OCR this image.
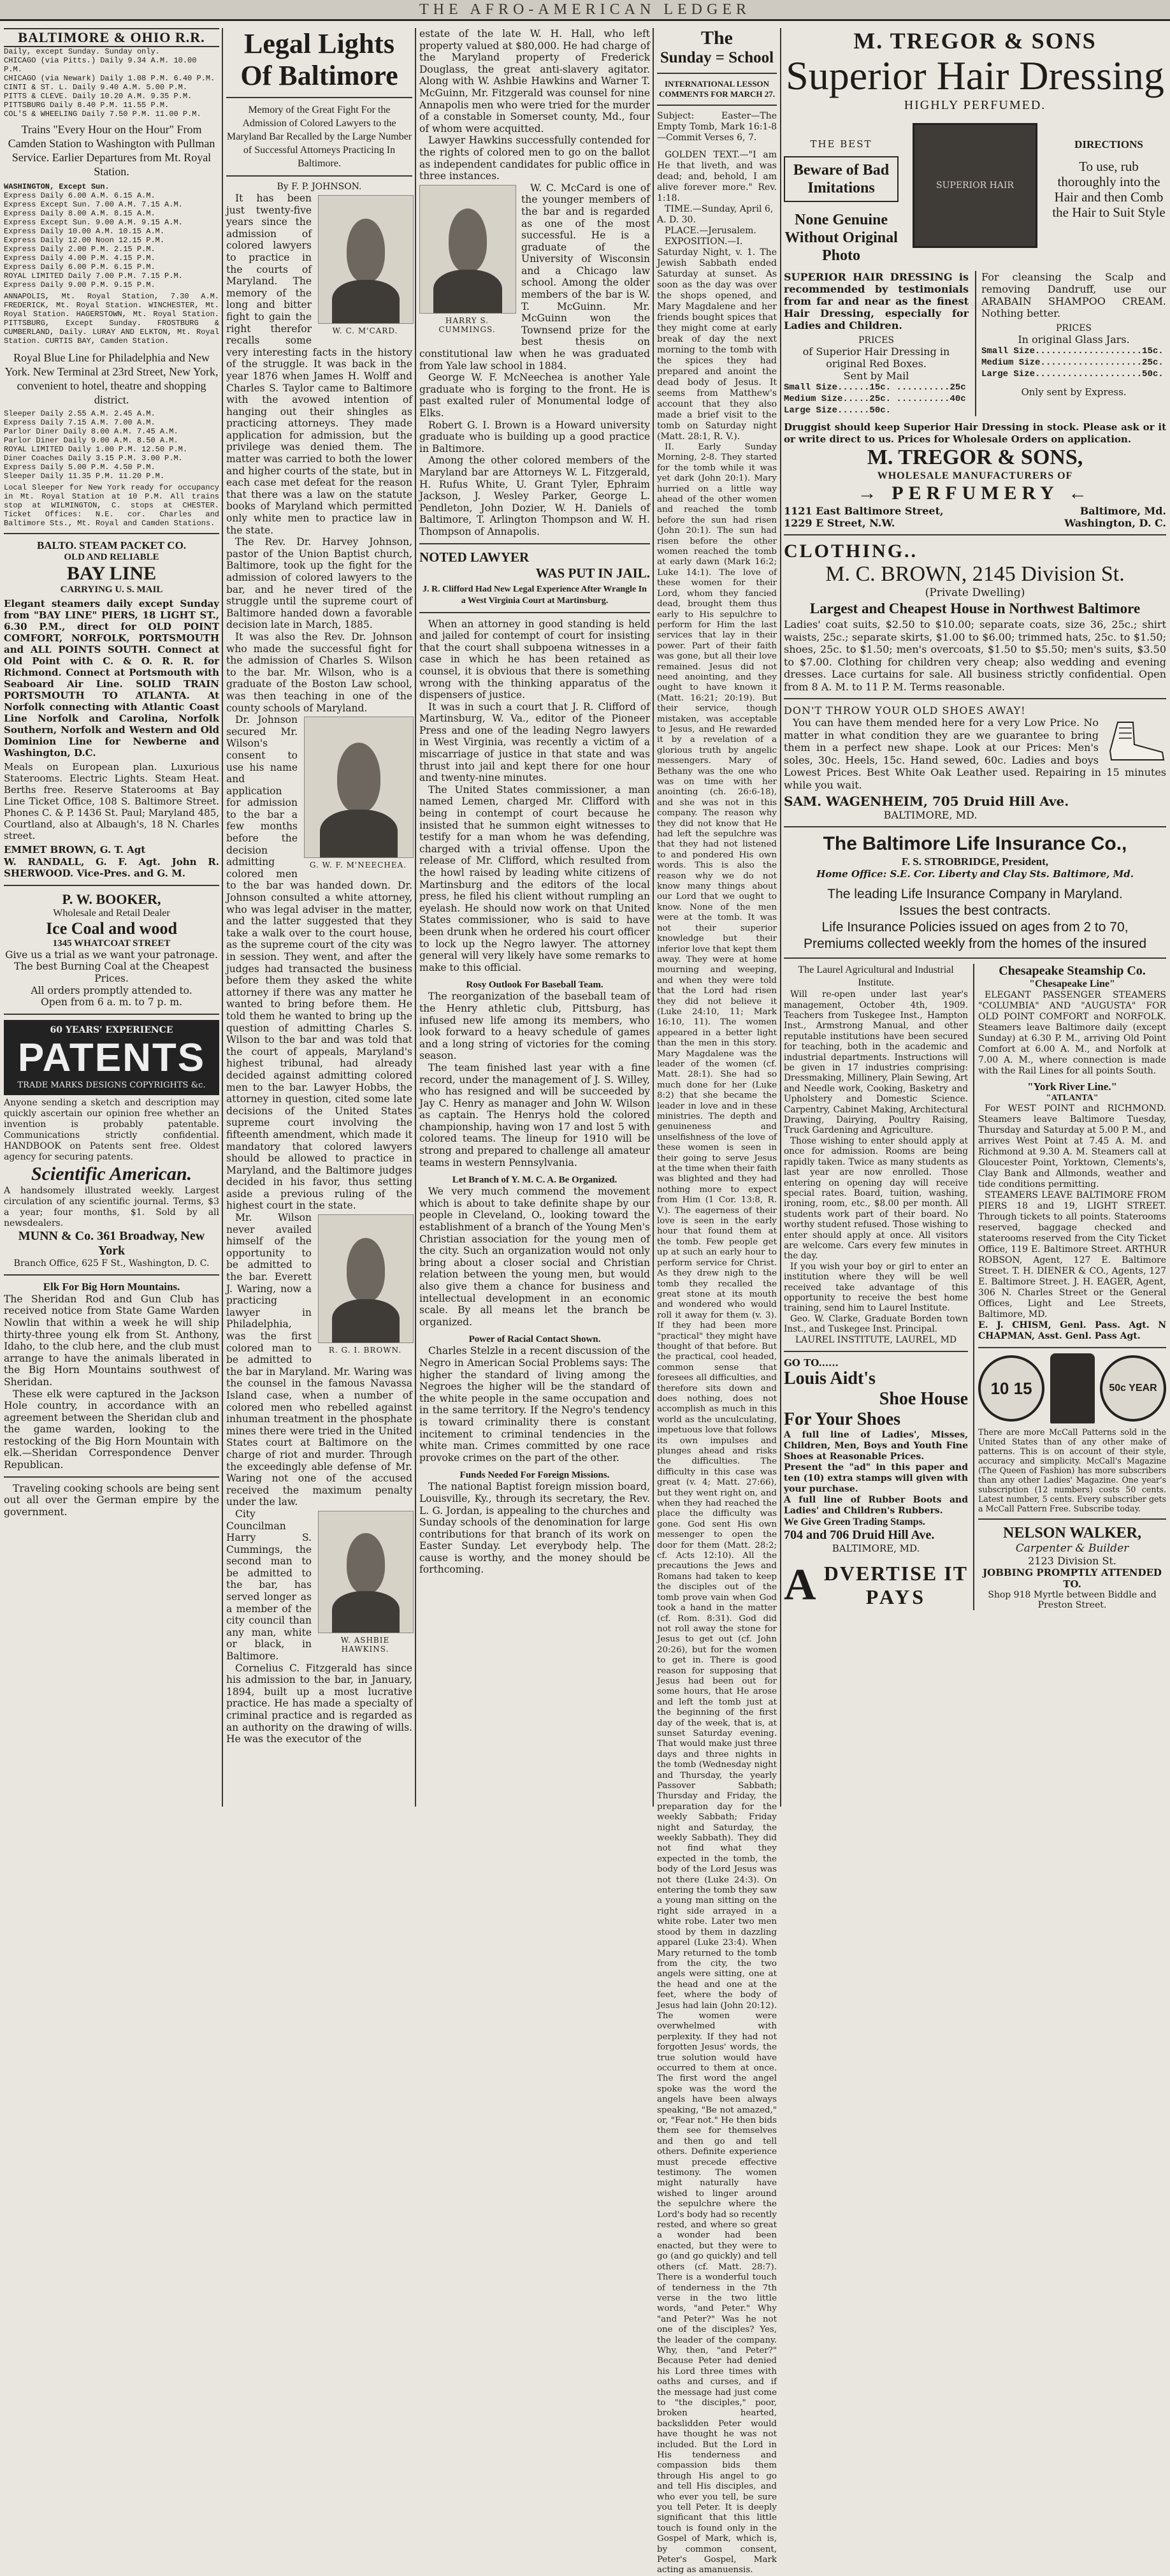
THE AFRO-AMERICAN LEDGER
BALTIMORE & OHIO R.R.
Daily, except Sunday. Sunday only.
CHICAGO (via Pitts.) Daily 9.34 A.M. 10.00 P.M.
CHICAGO (via Newark) Daily 1.08 P.M. 6.40 P.M.
CINTI & ST. L. Daily 9.40 A.M. 5.00 P.M.
PITTS & CLEVE. Daily 10.20 A.M. 9.35 P.M.
PITTSBURG Daily 8.40 P.M. 11.55 P.M.
COL'S & WHEELING Daily 7.50 P.M. 11.00 P.M.

Trains "Every Hour on the Hour" From Camden Station to Washington with Pullman Service. Earlier Departures from Mt. Royal Station.

WASHINGTON, Except Sun.
Express Daily 6.00 A.M. 6.15 A.M.
Express Except Sun. 7.00 A.M. 7.15 A.M.
Express Daily 8.00 A.M. 8.15 A.M.
Express Except Sun. 9.00 A.M. 9.15 A.M.
Express Daily 10.00 A.M. 10.15 A.M.
Express Daily 12.00 Noon 12.15 P.M.
Express Daily 2.00 P.M. 2.15 P.M.
Express Daily 4.00 P.M. 4.15 P.M.
Express Daily 6.00 P.M. 6.15 P.M.
ROYAL LIMITED Daily 7.00 P.M. 7.15 P.M.
Express Daily 9.00 P.M. 9.15 P.M.

ANNAPOLIS, Mt. Royal Station, 7.30 A.M. FREDERICK, Mt. Royal Station. WINCHESTER, Mt. Royal Station. HAGERSTOWN, Mt. Royal Station. PITTSBURG, Except Sunday. FROSTBURG & CUMBERLAND, Daily. LURAY AND ELKTON, Mt. Royal Station. CURTIS BAY, Camden Station.

Royal Blue Line for Philadelphia and New York. New Terminal at 23rd Street, New York, convenient to hotel, theatre and shopping district.

Sleeper Daily 2.55 A.M. 2.45 A.M.
Express Daily 7.15 A.M. 7.00 A.M.
Parlor Diner Daily 8.00 A.M. 7.45 A.M.
Parlor Diner Daily 9.00 A.M. 8.50 A.M.
ROYAL LIMITED Daily 1.00 P.M. 12.50 P.M.
Diner Coaches Daily 3.15 P.M. 3.00 P.M.
Express Daily 5.00 P.M. 4.50 P.M.
Sleeper Daily 11.35 P.M. 11.20 P.M.

Local Sleeper for New York ready for occupancy in Mt. Royal Station at 10 P.M. All trains stop at WILMINGTON, C. stops at CHESTER. Ticket Offices: N.E. cor. Charles and Baltimore Sts., Mt. Royal and Camden Stations.

BALTO. STEAM PACKET CO.
OLD AND RELIABLE
BAY LINE
CARRYING U. S. MAIL

Elegant steamers daily except Sunday from "BAY LINE" PIERS, 18 LIGHT ST., 6.30 P.M., direct for OLD POINT COMFORT, NORFOLK, PORTSMOUTH and ALL POINTS SOUTH. Connect at Old Point with C. & O. R. R. for Richmond. Connect at Portsmouth with Seaboard Air Line. SOLID TRAIN PORTSMOUTH TO ATLANTA. At Norfolk connecting with Atlantic Coast Line Norfolk and Carolina, Norfolk Southern, Norfolk and Western and Old Dominion Line for Newberne and Washington, D.C.

Meals on European plan. Luxurious Staterooms. Electric Lights. Steam Heat. Berths free. Reserve Staterooms at Bay Line Ticket Office, 108 S. Baltimore Street. Phones C. & P. 1436 St. Paul; Maryland 485, Courtland, also at Albaugh's, 18 N. Charles street.

EMMET BROWN, G. T. Agt

W. RANDALL, G. F. Agt. John R. SHERWOOD. Vice-Pres. and G. M.

P. W. BOOKER,
Wholesale and Retail Dealer
Ice Coal and wood
1345 WHATCOAT STREET

Give us a trial as we want your patronage. The best Burning Coal at the Cheapest Prices.

All orders promptly attended to.

Open from 6 a. m. to 7 p. m.

60 YEARS' EXPERIENCE
PATENTS
TRADE MARKS DESIGNS COPYRIGHTS &c.

Anyone sending a sketch and description may quickly ascertain our opinion free whether an invention is probably patentable. Communications strictly confidential. HANDBOOK on Patents sent free. Oldest agency for securing patents.

Scientific American.

A handsomely illustrated weekly. Largest circulation of any scientific journal. Terms, $3 a year; four months, $1. Sold by all newsdealers.

MUNN & Co. 361 Broadway, New York
Branch Office, 625 F St., Washington, D. C.
Elk For Big Horn Mountains.

The Sheridan Rod and Gun Club has received notice from State Game Warden Nowlin that within a week he will ship thirty-three young elk from St. Anthony, Idaho, to the club here, and the club must arrange to have the animals liberated in the Big Horn Mountains southwest of Sheridan.

These elk were captured in the Jackson Hole country, in accordance with an agreement between the Sheridan club and the game warden, looking to the restocking of the Big Horn Mountain with elk.—Sheridan Correspondence Denver Republican.

Traveling cooking schools are being sent out all over the German empire by the government.

Legal Lights Of Baltimore

Memory of the Great Fight For the Admission of Colored Lawyers to the Maryland Bar Recalled by the Large Number of Successful Attorneys Practicing In Baltimore.

By F. P. JOHNSON.

W. C. M'CARD.

It has been just twenty-five years since the admission of colored lawyers to practice in the courts of Maryland. The memory of the long and bitter fight to gain the right therefor recalls some very interesting facts in the history of the struggle. It was back in the year 1876 when James H. Wolff and Charles S. Taylor came to Baltimore with the avowed intention of hanging out their shingles as practicing attorneys. They made application for admission, but the privilege was denied them. The matter was carried to both the lower and higher courts of the state, but in each case met defeat for the reason that there was a law on the statute books of Maryland which permitted only white men to practice law in the state.

The Rev. Dr. Harvey Johnson, pastor of the Union Baptist church, Baltimore, took up the fight for the admission of colored lawyers to the bar, and he never tired of the struggle until the supreme court of Baltimore handed down a favorable decision late in March, 1885.

It was also the Rev. Dr. Johnson who made the successful fight for the admission of Charles S. Wilson to the bar. Mr. Wilson, who is a graduate of the Boston Law school, was then teaching in one of the county schools of Maryland.

G. W. F. M'NEECHEA.

Dr. Johnson secured Mr. Wilson's consent to use his name and application for admission to the bar a few months before the decision admitting colored men to the bar was handed down. Dr. Johnson consulted a white attorney, who was legal adviser in the matter, and the latter suggested that they take a walk over to the court house, as the supreme court of the city was in session. They went, and after the judges had transacted the business before them they asked the white attorney if there was any matter he wanted to bring before them. He told them he wanted to bring up the question of admitting Charles S. Wilson to the bar and was told that the court of appeals, Maryland's highest tribunal, had already decided against admitting colored men to the bar. Lawyer Hobbs, the attorney in question, cited some late decisions of the United States supreme court involving the fifteenth amendment, which made it mandatory that colored lawyers should be allowed to practice in Maryland, and the Baltimore judges decided in his favor, thus setting aside a previous ruling of the highest court in the state.

R. G. I. BROWN.

Mr. Wilson never availed himself of the opportunity to be admitted to the bar. Everett J. Waring, now a practicing lawyer in Philadelphia, was the first colored man to be admitted to the bar in Maryland. Mr. Waring was the counsel in the famous Navassa Island case, when a number of colored men who rebelled against inhuman treatment in the phosphate mines there were tried in the United States court at Baltimore on the charge of riot and murder. Through the exceedingly able defense of Mr. Waring not one of the accused received the maximum penalty under the law.

W. ASHBIE HAWKINS.

City Councilman Harry S. Cummings, the second man to be admitted to the bar, has served longer as a member of the city council than any man, white or black, in Baltimore.

Cornelius C. Fitzgerald has since his admission to the bar, in January, 1894, built up a most lucrative practice. He has made a specialty of criminal practice and is regarded as an authority on the drawing of wills. He was the executor of the

estate of the late W. H. Hall, who left property valued at $80,000. He had charge of the Maryland property of Frederick Douglass, the great anti-slavery agitator. Along with W. Ashbie Hawkins and Warner T. McGuinn, Mr. Fitzgerald was counsel for nine Annapolis men who were tried for the murder of a constable in Somerset county, Md., four of whom were acquitted.

Lawyer Hawkins successfully contended for the rights of colored men to go on the ballot as independent candidates for public office in three instances.

HARRY S. CUMMINGS.

W. C. McCard is one of the younger members of the bar and is regarded as one of the most successful. He is a graduate of the University of Wisconsin and a Chicago law school. Among the older members of the bar is W. T. McGuinn. Mr. McGuinn won the Townsend prize for the best thesis on constitutional law when he was graduated from Yale law school in 1884.

George W. F. McNeechea is another Yale graduate who is forging to the front. He is past exalted ruler of Monumental lodge of Elks.

Robert G. I. Brown is a Howard university graduate who is building up a good practice in Baltimore.

Among the other colored members of the Maryland bar are Attorneys W. L. Fitzgerald, H. Rufus White, U. Grant Tyler, Ephraim Jackson, J. Wesley Parker, George L. Pendleton, John Dozier, W. H. Daniels of Baltimore, T. Arlington Thompson and W. H. Thompson of Annapolis.

NOTED LAWYER
WAS PUT IN JAIL.

J. R. Clifford Had New Legal Experience After Wrangle In a West Virginia Court at Martinsburg.

When an attorney in good standing is held and jailed for contempt of court for insisting that the court shall subpoena witnesses in a case in which he has been retained as counsel, it is obvious that there is something wrong with the thinking apparatus of the dispensers of justice.

It was in such a court that J. R. Clifford of Martinsburg, W. Va., editor of the Pioneer Press and one of the leading Negro lawyers in West Virginia, was recently a victim of a miscarriage of justice in that state and was thrust into jail and kept there for one hour and twenty-nine minutes.

The United States commissioner, a man named Lemen, charged Mr. Clifford with being in contempt of court because he insisted that he summon eight witnesses to testify for a man whom he was defending, charged with a trivial offense. Upon the release of Mr. Clifford, which resulted from the howl raised by leading white citizens of Martinsburg and the editors of the local press, he filed his client without rumpling an eyelash. He should now work on that United States commissioner, who is said to have been drunk when he ordered his court officer to lock up the Negro lawyer. The attorney general will very likely have some remarks to make to this official.

Rosy Outlook For Baseball Team.

The reorganization of the baseball team of the Henry athletic club, Pittsburg, has infused new life among its members, who look forward to a heavy schedule of games and a long string of victories for the coming season.

The team finished last year with a fine record, under the management of J. S. Willey, who has resigned and will be succeeded by Jay C. Henry as manager and John W. Wilson as captain. The Henrys hold the colored championship, having won 17 and lost 5 with colored teams. The lineup for 1910 will be strong and prepared to challenge all amateur teams in western Pennsylvania.

Let Branch of Y. M. C. A. Be Organized.

We very much commend the movement which is about to take definite shape by our people in Cleveland, O., looking toward the establishment of a branch of the Young Men's Christian association for the young men of the city. Such an organization would not only bring about a closer social and Christian relation between the young men, but would also give them a chance for business and intellectual development in an economic scale. By all means let the branch be organized.

Power of Racial Contact Shown.

Charles Stelzle in a recent discussion of the Negro in American Social Problems says: The higher the standard of living among the Negroes the higher will be the standard of the white people in the same occupation and in the same territory. If the Negro's tendency is toward criminality there is constant incitement to criminal tendencies in the white man. Crimes committed by one race provoke crimes on the part of the other.

Funds Needed For Foreign Missions.

The national Baptist foreign mission board, Louisville, Ky., through its secretary, the Rev. L. G. Jordan, is appealing to the churches and Sunday schools of the denomination for large contributions for that branch of its work on Easter Sunday. Let everybody help. The cause is worthy, and the money should be forthcoming.

The
Sunday = School

INTERNATIONAL LESSON COMMENTS FOR MARCH 27.

Subject: Easter—The Empty Tomb, Mark 16:1-8—Commit Verses 6, 7.

GOLDEN TEXT.—"I am He that liveth, and was dead; and, behold, I am alive forever more." Rev. 1:18.

TIME.—Sunday, April 6, A. D. 30.

PLACE.—Jerusalem.

EXPOSITION.—I. Saturday Night, v. 1. The Jewish Sabbath ended Saturday at sunset. As soon as the day was over the shops opened, and Mary Magdalene and her friends bought spices that they might come at early break of day the next morning to the tomb with the spices they had prepared and anoint the dead body of Jesus. It seems from Matthew's account that they also made a brief visit to the tomb on Saturday night (Matt. 28:1, R. V.).

II. Early Sunday Morning, 2-8. They started for the tomb while it was yet dark (John 20:1). Mary hurried on a little way ahead of the other women and reached the tomb before the sun had risen (John 20:1). The sun had risen before the other women reached the tomb at early dawn (Mark 16:2; Luke 14:1). The love of these women for their Lord, whom they fancied dead, brought them thus early to His sepulchre to perform for Him the last services that lay in their power. Part of their faith was gone, but all their love remained. Jesus did not need anointing, and they ought to have known it (Matt. 16:21; 20:19). But their service, though mistaken, was acceptable to Jesus, and He rewarded it by a revelation of a glorious truth by angelic messengers. Mary of Bethany was the one who was on time with her anointing (ch. 26:6-18), and she was not in this company. The reason why they did not know that He had left the sepulchre was that they had not listened to and pondered His own words. This is also the reason why we do not know many things about our Lord that we ought to know. None of the men were at the tomb. It was not their superior knowledge but their inferior love that kept them away. They were at home mourning and weeping, and when they were told that the Lord had risen they did not believe it (Luke 24:10, 11; Mark 16:10, 11). The women appeared in a better light than the men in this story. Mary Magdalene was the leader of the women (cf. Matt. 28:1). She had so much done for her (Luke 8:2) that she became the leader in love and in these ministries. The depth and genuineness and unselfishness of the love of these women is seen in their going to serve Jesus at the time when their faith was blighted and they had nothing more to expect from Him (1 Cor. 13:8, R. V.). The eagerness of their love is seen in the early hour that found them at the tomb. Few people get up at such an early hour to perform service for Christ. As they drew nigh to the tomb they recalled the great stone at its mouth and wondered who would roll it away for them (v. 3). If they had been more "practical" they might have thought of that before. But the practical, cool headed, common sense that foresees all difficulties, and therefore sits down and does nothing, does not accomplish as much in this world as the unculculating, impetuous love that follows its own impulses and plunges ahead and risks the difficulties. The difficulty in this case was great (v. 4; Matt. 27:66), but they went right on, and when they had reached the place the difficulty was gone. God sent His own messenger to open the door for them (Matt. 28:2; cf. Acts 12:10). All the precautions the Jews and Romans had taken to keep the disciples out of the tomb prove vain when God took a hand in the matter (cf. Rom. 8:31). God did not roll away the stone for Jesus to get out (cf. John 20:26), but for the women to get in. There is good reason for supposing that Jesus had been out for some hours, that He arose and left the tomb just at the beginning of the first day of the week, that is, at sunset Saturday evening. That would make just three days and three nights in the tomb (Wednesday night and Thursday, the yearly Passover Sabbath; Thursday and Friday, the preparation day for the weekly Sabbath; Friday night and Saturday, the weekly Sabbath). They did not find what they expected in the tomb, the body of the Lord Jesus was not there (Luke 24:3). On entering the tomb they saw a young man sitting on the right side arrayed in a white robe. Later two men stood by them in dazzling apparel (Luke 23:4). When Mary returned to the tomb from the city, the two angels were sitting, one at the head and one at the feet, where the body of Jesus had lain (John 20:12). The women were overwhelmed with perplexity. If they had not forgotten Jesus' words, the true solution would have occurred to them at once. The first word the angel spoke was the word the angels have been always speaking, "Be not amazed," or, "Fear not." He then bids them see for themselves and then go and tell others. Definite experience must precede effective testimony. The women might naturally have wished to linger around the sepulchre where the Lord's body had so recently rested, and where so great a wonder had been enacted, but they were to go (and go quickly) and tell others (cf. Matt. 28:7). There is a wonderful touch of tenderness in the 7th verse in the two little words, "and Peter." Why "and Peter?" Was he not one of the disciples? Yes, the leader of the company. Why, then, "and Peter?" Because Peter had denied his Lord three times with oaths and curses, and if the message had just come to "the disciples," poor, broken hearted, backslidden Peter would have thought he was not included. But the Lord in His tenderness and compassion bids them through His angel to go and tell His disciples, and who ever you tell, be sure you tell Peter. It is deeply significant that this little touch is found only in the Gospel of Mark, which is, by common consent, Peter's Gospel, Mark acting as amanuensis.

M. TREGOR & SONS
Superior Hair Dressing
HIGHLY PERFUMED.
THE BEST
Beware of Bad Imitations
None Genuine Without Original Photo
SUPERIOR HAIR DRESSING
DIRECTIONS

To use, rub thoroughly into the Hair and then Comb the Hair to Suit Style

SUPERIOR HAIR DRESSING is recommended by testimonials from far and near as the finest Hair Dressing, especially for Ladies and Children.

PRICES

of Superior Hair Dressing in original Red Boxes.

Sent by Mail

Small Size......15c. ..........25c
Medium Size.....25c. ..........40c
Large Size......50c.

For cleansing the Scalp and removing Dandruff, use our ARABAIN SHAMPOO CREAM. Nothing better.

PRICES

In original Glass Jars.

Small Size....................15c.
Medium Size...................25c.
Large Size....................50c.

Only sent by Express.

Druggist should keep Superior Hair Dressing in stock. Please ask or it or write direct to us. Prices for Wholesale Orders on application.

M. TREGOR & SONS,
WHOLESALE MANUFACTURERS OF
→ PERFUMERY ←
1121 East Baltimore Street,	Baltimore, Md.
1229 E Street, N.W.	Washington, D. C.
CLOTHING..
M. C. BROWN, 2145 Division St.
(Private Dwelling)
Largest and Cheapest House in Northwest Baltimore

Ladies' coat suits, $2.50 to $10.00; separate coats, size 36, 25c.; shirt waists, 25c.; separate skirts, $1.00 to $6.00; trimmed hats, 25c. to $1.50; shoes, 25c. to $1.50; men's overcoats, $1.50 to $5.50; men's suits, $3.50 to $7.00. Clothing for children very cheap; also wedding and evening dresses. Lace curtains for sale. All business strictly confidential. Open from 8 A. M. to 11 P. M. Terms reasonable.

DON'T THROW YOUR OLD SHOES AWAY!

You can have them mended here for a very Low Price. No matter in what condition they are we guarantee to bring them in a perfect new shape. Look at our Prices: Men's soles, 30c. Heels, 15c. Hand sewed, 60c. Ladies and boys Lowest Prices. Best White Oak Leather used. Repairing in 15 minutes while you wait.

SAM. WAGENHEIM, 705 Druid Hill Ave.
BALTIMORE, MD.
The Baltimore Life Insurance Co.,
F. S. STROBRIDGE, President,
Home Office: S.E. Cor. Liberty and Clay Sts. Baltimore, Md.
The leading Life Insurance Company in Maryland.
Issues the best contracts.
Life Insurance Policies issued on ages from 2 to 70,
Premiums collected weekly from the homes of the insured
The Laurel Agricultural and Industrial Institute.

Will re-open under last year's management, October 4th, 1909. Teachers from Tuskegee Inst., Hampton Inst., Armstrong Manual, and other reputable institutions have been secured for teaching, both in the academic and industrial departments. Instructions will be given in 17 industries comprising: Dressmaking, Millinery, Plain Sewing, Art and Needle work, Cooking, Basketry and Upholstery and Domestic Science. Carpentry, Cabinet Making, Architectural Drawing, Dairying, Poultry Raising, Truck Gardening and Agriculture.

Those wishing to enter should apply at once for admission. Rooms are being rapidly taken. Twice as many students as last year are now enrolled. Those entering on opening day will receive special rates. Board, tuition, washing, ironing, room, etc., $8.00 per month. All students work part of their board. No worthy student refused. Those wishing to enter should apply at once. All visitors are welcome. Cars every few minutes in the day.

If you wish your boy or girl to enter an institution where they will be well received take advantage of this opportunity to receive the best home training, send him to Laurel Institute.

Geo. W. Clarke, Graduate Borden town Inst., and Tuskegee Inst. Principal.

LAUREL INSTITUTE, LAUREL, MD

GO TO......
Louis Aidt's
Shoe House
For Your Shoes

A full line of Ladies', Misses, Children, Men, Boys and Youth Fine Shoes at Reasonable Prices.

Present the "ad" in this paper and ten (10) extra stamps will given with your purchase.

A full line of Rubber Boots and Ladies' and Children's Rubbers.

We Give Green Trading Stamps.
704 and 706 Druid Hill Ave.
BALTIMORE, MD.
A DVERTISE IT
PAYS
Chesapeake Steamship Co.
"Chesapeake Line"

ELEGANT PASSENGER STEAMERS "COLUMBIA" AND "AUGUSTA" FOR OLD POINT COMFORT and NORFOLK. Steamers leave Baltimore daily (except Sunday) at 6.30 P. M., arriving Old Point Comfort at 6.00 A. M., and Norfolk at 7.00 A. M., where connection is made with the Rail Lines for all points South.

"York River Line."
"ATLANTA"

For WEST POINT and RICHMOND. Steamers leave Baltimore Tuesday, Thursday and Saturday at 5.00 P. M., and arrives West Point at 7.45 A. M. and Richmond at 9.30 A. M. Steamers call at Gloucester Point, Yorktown, Clements's, Clay Bank and Allmonds, weather and tide conditions permitting.

STEAMERS LEAVE BALTIMORE FROM PIERS 18 and 19, LIGHT STREET. Through tickets to all points. Staterooms reserved, baggage checked and staterooms reserved from the City Ticket Office, 119 E. Baltimore Street. ARTHUR ROBSON, Agent, 127 E. Baltimore Street. T. H. DIENER & CO., Agents, 127 E. Baltimore Street. J. H. EAGER, Agent, 306 N. Charles Street or the General Offices, Light and Lee Streets, Baltimore, MD.

E. J. CHISM, Genl. Pass. Agt. N CHAPMAN, Asst. Genl. Pass Agt.

10 15	50c YEAR

There are more McCall Patterns sold in the United States than of any other make of patterns. This is on account of their style, accuracy and simplicity. McCall's Magazine (The Queen of Fashion) has more subscribers than any other Ladies' Magazine. One year's subscription (12 numbers) costs 50 cents. Latest number, 5 cents. Every subscriber gets a McCall Pattern Free. Subscribe today.

NELSON WALKER,
Carpenter & Builder
2123 Division St.
JOBBING PROMPTLY ATTENDED TO.
Shop 918 Myrtle between Biddle and Preston Street.
